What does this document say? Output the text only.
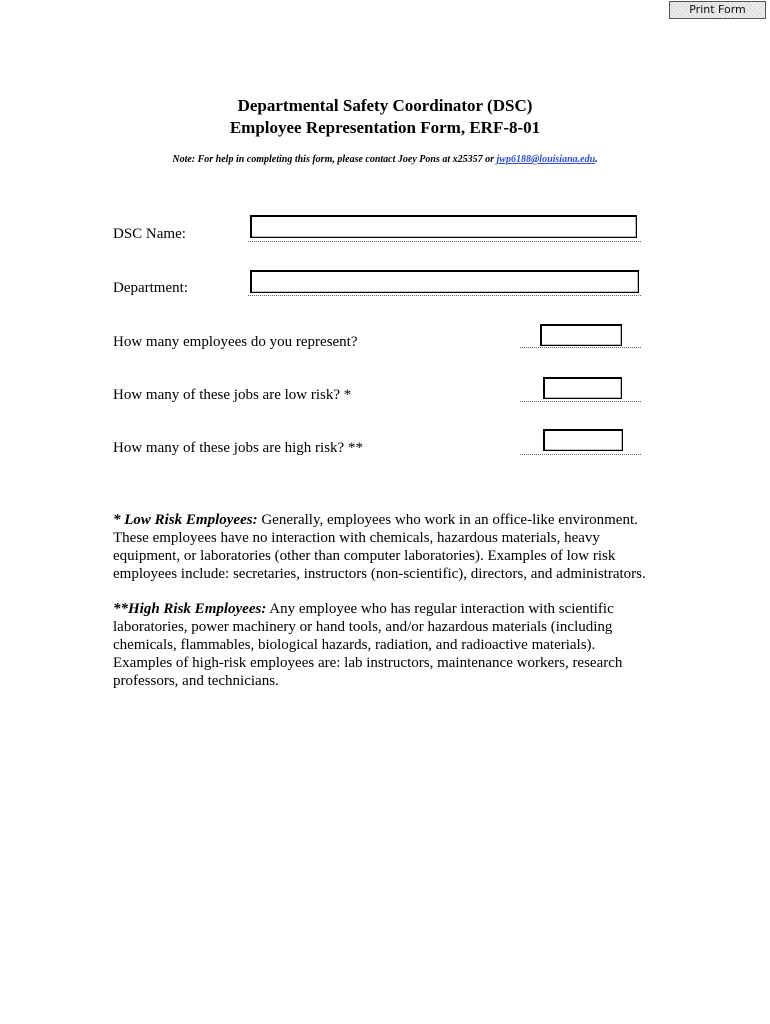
Print Form
Departmental Safety Coordinator (DSC)
Employee Representation Form, ERF-8-01
Note: For help in completing this form, please contact Joey Pons at x25357 or jwp6188@louisiana.edu.
DSC Name:
Department:
How many employees do you represent?
How many of these jobs are low risk? *
How many of these jobs are high risk? **
* Low Risk Employees: Generally, employees who work in an office-like environment. These employees have no interaction with chemicals, hazardous materials, heavy equipment, or laboratories (other than computer laboratories). Examples of low risk employees include: secretaries, instructors (non-scientific), directors, and administrators.
**High Risk Employees: Any employee who has regular interaction with scientific laboratories, power machinery or hand tools, and/or hazardous materials (including chemicals, flammables, biological hazards, radiation, and radioactive materials). Examples of high-risk employees are: lab instructors, maintenance workers, research professors, and technicians.
